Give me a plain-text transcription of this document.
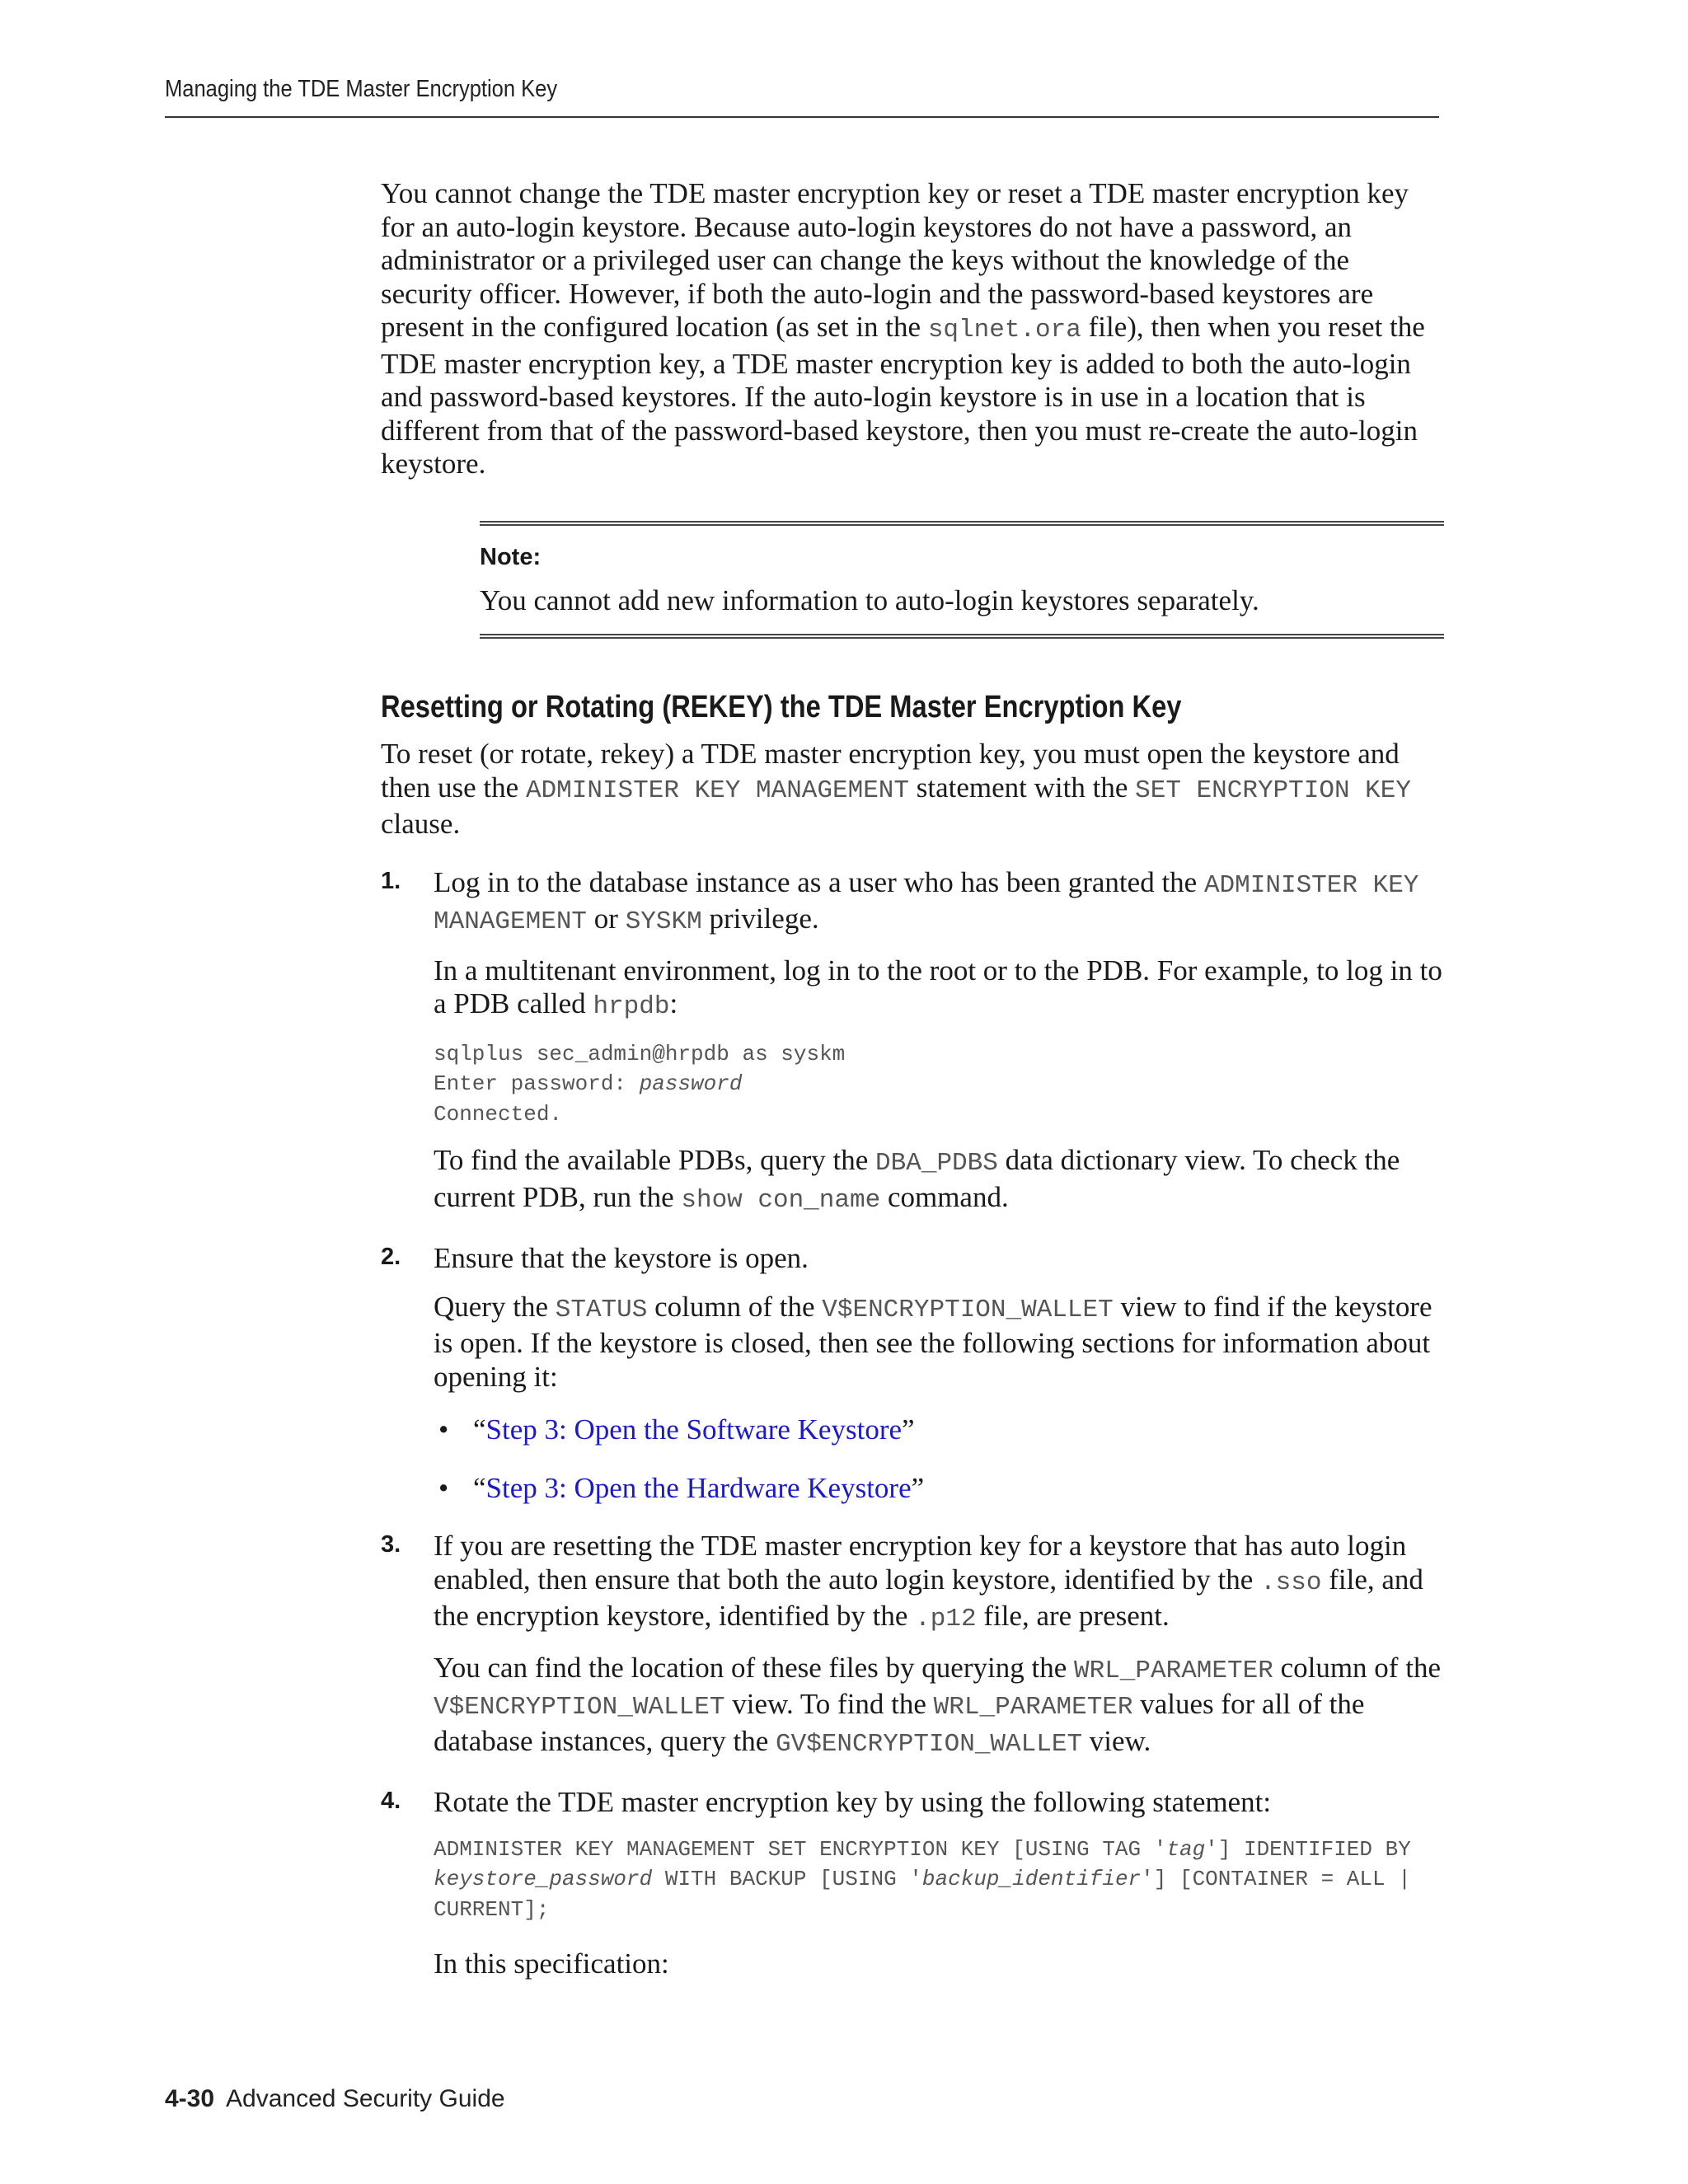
Managing the TDE Master Encryption Key

You cannot change the TDE master encryption key or reset a TDE master encryption key for an auto-login keystore. Because auto-login keystores do not have a password, an administrator or a privileged user can change the keys without the knowledge of the security officer. However, if both the auto-login and the password-based keystores are present in the configured location (as set in the sqlnet.ora file), then when you reset the TDE master encryption key, a TDE master encryption key is added to both the auto-login and password-based keystores. If the auto-login keystore is in use in a location that is different from that of the password-based keystore, then you must re-create the auto-login keystore.

Note:

You cannot add new information to auto-login keystores separately.

Resetting or Rotating (REKEY) the TDE Master Encryption Key

To reset (or rotate, rekey) a TDE master encryption key, you must open the keystore and then use the ADMINISTER KEY MANAGEMENT statement with the SET ENCRYPTION KEY clause.

1. Log in to the database instance as a user who has been granted the ADMINISTER KEY MANAGEMENT or SYSKM privilege.

In a multitenant environment, log in to the root or to the PDB. For example, to log in to a PDB called hrpdb:

sqlplus sec_admin@hrpdb as syskm
Enter password: password
Connected.

To find the available PDBs, query the DBA_PDBS data dictionary view. To check the current PDB, run the show con_name command.

2. Ensure that the keystore is open.

Query the STATUS column of the V$ENCRYPTION_WALLET view to find if the keystore is open. If the keystore is closed, then see the following sections for information about opening it:

• “Step 3: Open the Software Keystore”
• “Step 3: Open the Hardware Keystore”
3. If you are resetting the TDE master encryption key for a keystore that has auto login enabled, then ensure that both the auto login keystore, identified by the .sso file, and the encryption keystore, identified by the .p12 file, are present.

You can find the location of these files by querying the WRL_PARAMETER column of the V$ENCRYPTION_WALLET view. To find the WRL_PARAMETER values for all of the database instances, query the GV$ENCRYPTION_WALLET view.

4. Rotate the TDE master encryption key by using the following statement:

ADMINISTER KEY MANAGEMENT SET ENCRYPTION KEY [USING TAG 'tag'] IDENTIFIED BY
keystore_password WITH BACKUP [USING 'backup_identifier'] [CONTAINER = ALL |
CURRENT];

In this specification:

4-30 Advanced Security Guide
